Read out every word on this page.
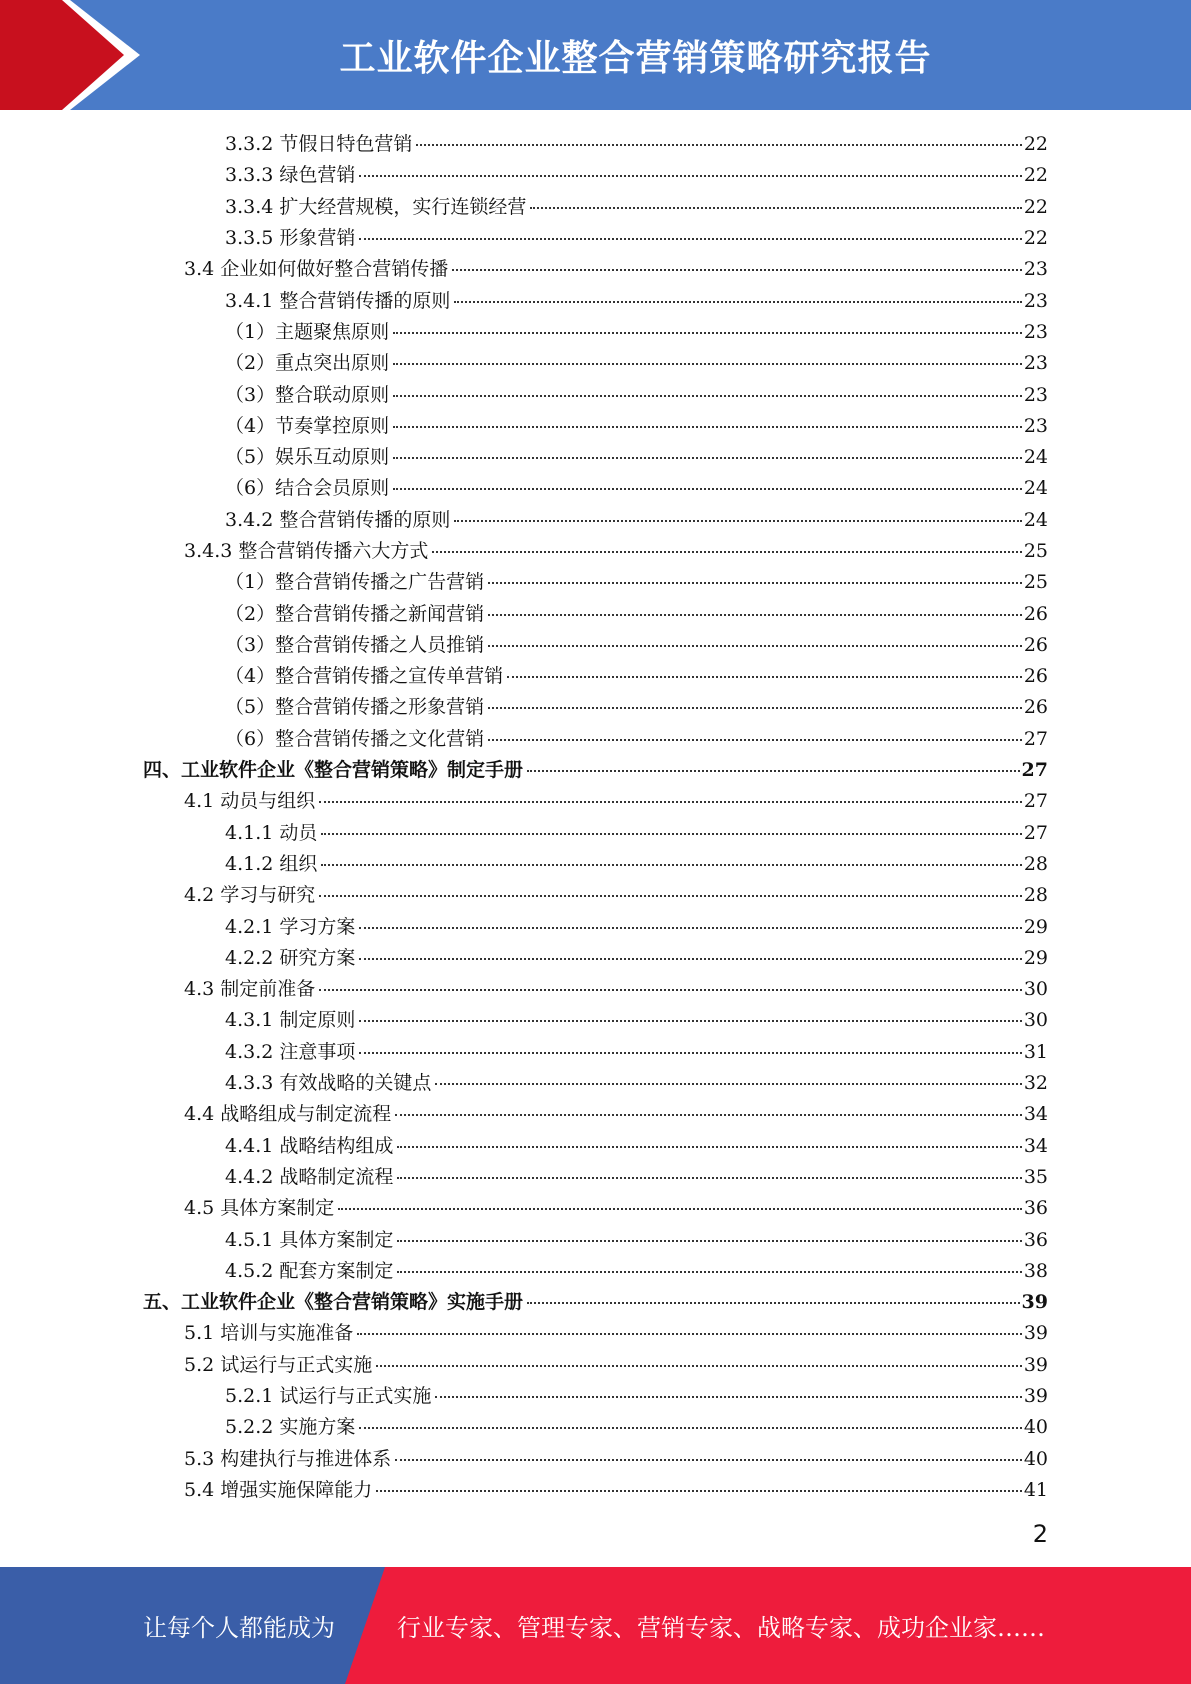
工业软件企业整合营销策略研究报告
3.3.2 节假日特色营销	22
3.3.3 绿色营销	22
3.3.4 扩大经营规模，实行连锁经营	22
3.3.5 形象营销	22
3.4 企业如何做好整合营销传播	23
3.4.1 整合营销传播的原则	23
（1）主题聚焦原则	23
（2）重点突出原则	23
（3）整合联动原则	23
（4）节奏掌控原则	23
（5）娱乐互动原则	24
（6）结合会员原则	24
3.4.2 整合营销传播的原则	24
3.4.3 整合营销传播六大方式	25
（1）整合营销传播之广告营销	25
（2）整合营销传播之新闻营销	26
（3）整合营销传播之人员推销	26
（4）整合营销传播之宣传单营销	26
（5）整合营销传播之形象营销	26
（6）整合营销传播之文化营销	27
四、工业软件企业《整合营销策略》制定手册	27
4.1 动员与组织	27
4.1.1 动员	27
4.1.2 组织	28
4.2 学习与研究	28
4.2.1 学习方案	29
4.2.2 研究方案	29
4.3 制定前准备	30
4.3.1 制定原则	30
4.3.2 注意事项	31
4.3.3 有效战略的关键点	32
4.4 战略组成与制定流程	34
4.4.1 战略结构组成	34
4.4.2 战略制定流程	35
4.5 具体方案制定	36
4.5.1 具体方案制定	36
4.5.2 配套方案制定	38
五、工业软件企业《整合营销策略》实施手册	39
5.1 培训与实施准备	39
5.2 试运行与正式实施	39
5.2.1 试运行与正式实施	39
5.2.2 实施方案	40
5.3 构建执行与推进体系	40
5.4 增强实施保障能力	41
2
让每个人都能成为	行业专家、管理专家、营销专家、战略专家、成功企业家……
